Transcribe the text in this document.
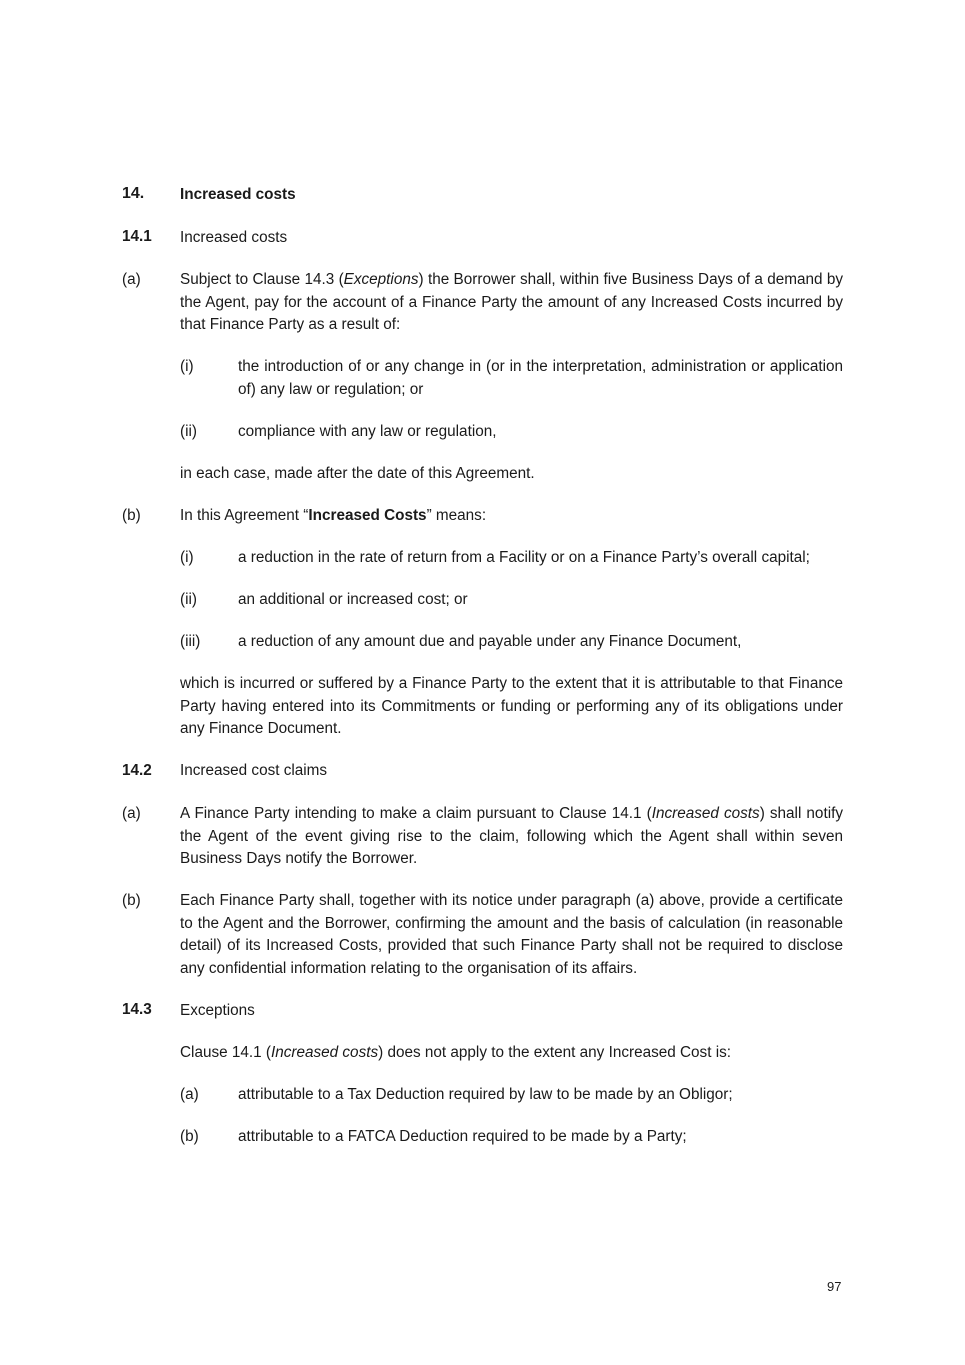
14. Increased costs
14.1 Increased costs
(a)	Subject to Clause 14.3 (Exceptions) the Borrower shall, within five Business Days of a demand by the Agent, pay for the account of a Finance Party the amount of any Increased Costs incurred by that Finance Party as a result of:
(i)	the introduction of or any change in (or in the interpretation, administration or application of) any law or regulation; or
(ii)	compliance with any law or regulation,
in each case, made after the date of this Agreement.
(b)	In this Agreement “Increased Costs” means:
(i)	a reduction in the rate of return from a Facility or on a Finance Party’s overall capital;
(ii)	an additional or increased cost; or
(iii) a reduction of any amount due and payable under any Finance Document,
which is incurred or suffered by a Finance Party to the extent that it is attributable to that Finance Party having entered into its Commitments or funding or performing any of its obligations under any Finance Document.
14.2 Increased cost claims
(a)	A Finance Party intending to make a claim pursuant to Clause 14.1 (Increased costs) shall notify the Agent of the event giving rise to the claim, following which the Agent shall within seven Business Days notify the Borrower.
(b)	Each Finance Party shall, together with its notice under paragraph (a) above, provide a certificate to the Agent and the Borrower, confirming the amount and the basis of calculation (in reasonable detail) of its Increased Costs, provided that such Finance Party shall not be required to disclose any confidential information relating to the organisation of its affairs.
14.3 Exceptions
Clause 14.1 (Increased costs) does not apply to the extent any Increased Cost is:
(a)	attributable to a Tax Deduction required by law to be made by an Obligor;
(b)	attributable to a FATCA Deduction required to be made by a Party;
97
